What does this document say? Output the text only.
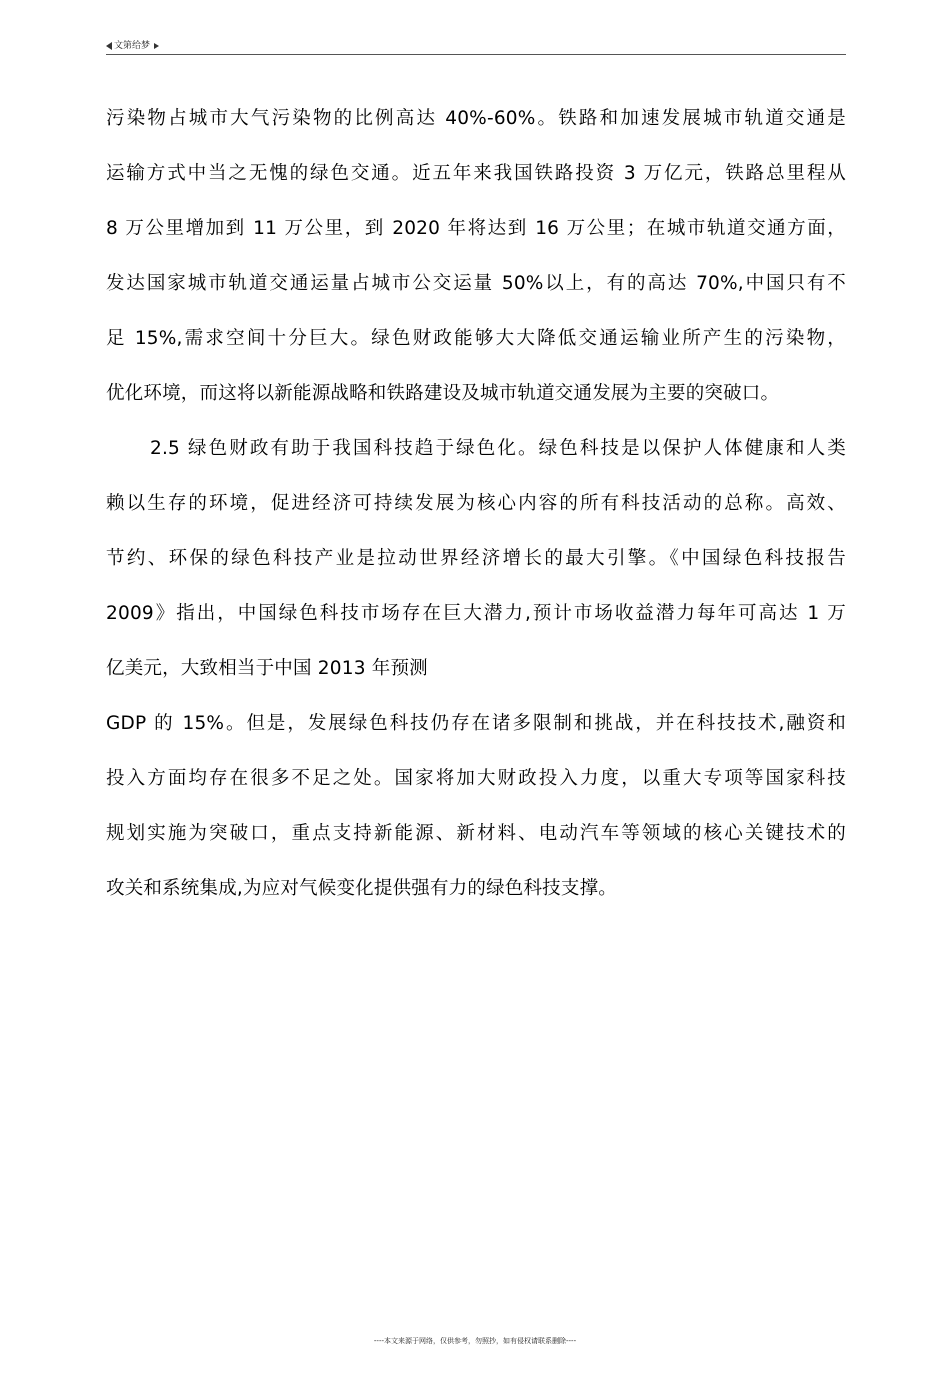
文第给梦
污染物占城市大气污染物的比例高达 40%-60%。铁路和加速发展城市轨道交通是
运输方式中当之无愧的绿色交通。近五年来我国铁路投资 3 万亿元，铁路总里程从
8 万公里增加到 11 万公里，到 2020 年将达到 16 万公里；在城市轨道交通方面，
发达国家城市轨道交通运量占城市公交运量 50%以上，有的高达 70%,中国只有不
足 15%,需求空间十分巨大。绿色财政能够大大降低交通运输业所产生的污染物，
优化环境，而这将以新能源战略和铁路建设及城市轨道交通发展为主要的突破口。
2.5 绿色财政有助于我国科技趋于绿色化。绿色科技是以保护人体健康和人类
赖以生存的环境，促进经济可持续发展为核心内容的所有科技活动的总称。高效、
节约、环保的绿色科技产业是拉动世界经济增长的最大引擎。《中国绿色科技报告
2009》指出，中国绿色科技市场存在巨大潜力,预计市场收益潜力每年可高达 1 万
亿美元，大致相当于中国 2013 年预测
GDP 的 15%。但是，发展绿色科技仍存在诸多限制和挑战，并在科技技术,融资和
投入方面均存在很多不足之处。国家将加大财政投入力度，以重大专项等国家科技
规划实施为突破口，重点支持新能源、新材料、电动汽车等领域的核心关键技术的
攻关和系统集成,为应对气候变化提供强有力的绿色科技支撑。
----本文来源于网络，仅供参考，勿照抄，如有侵权请联系删除----
